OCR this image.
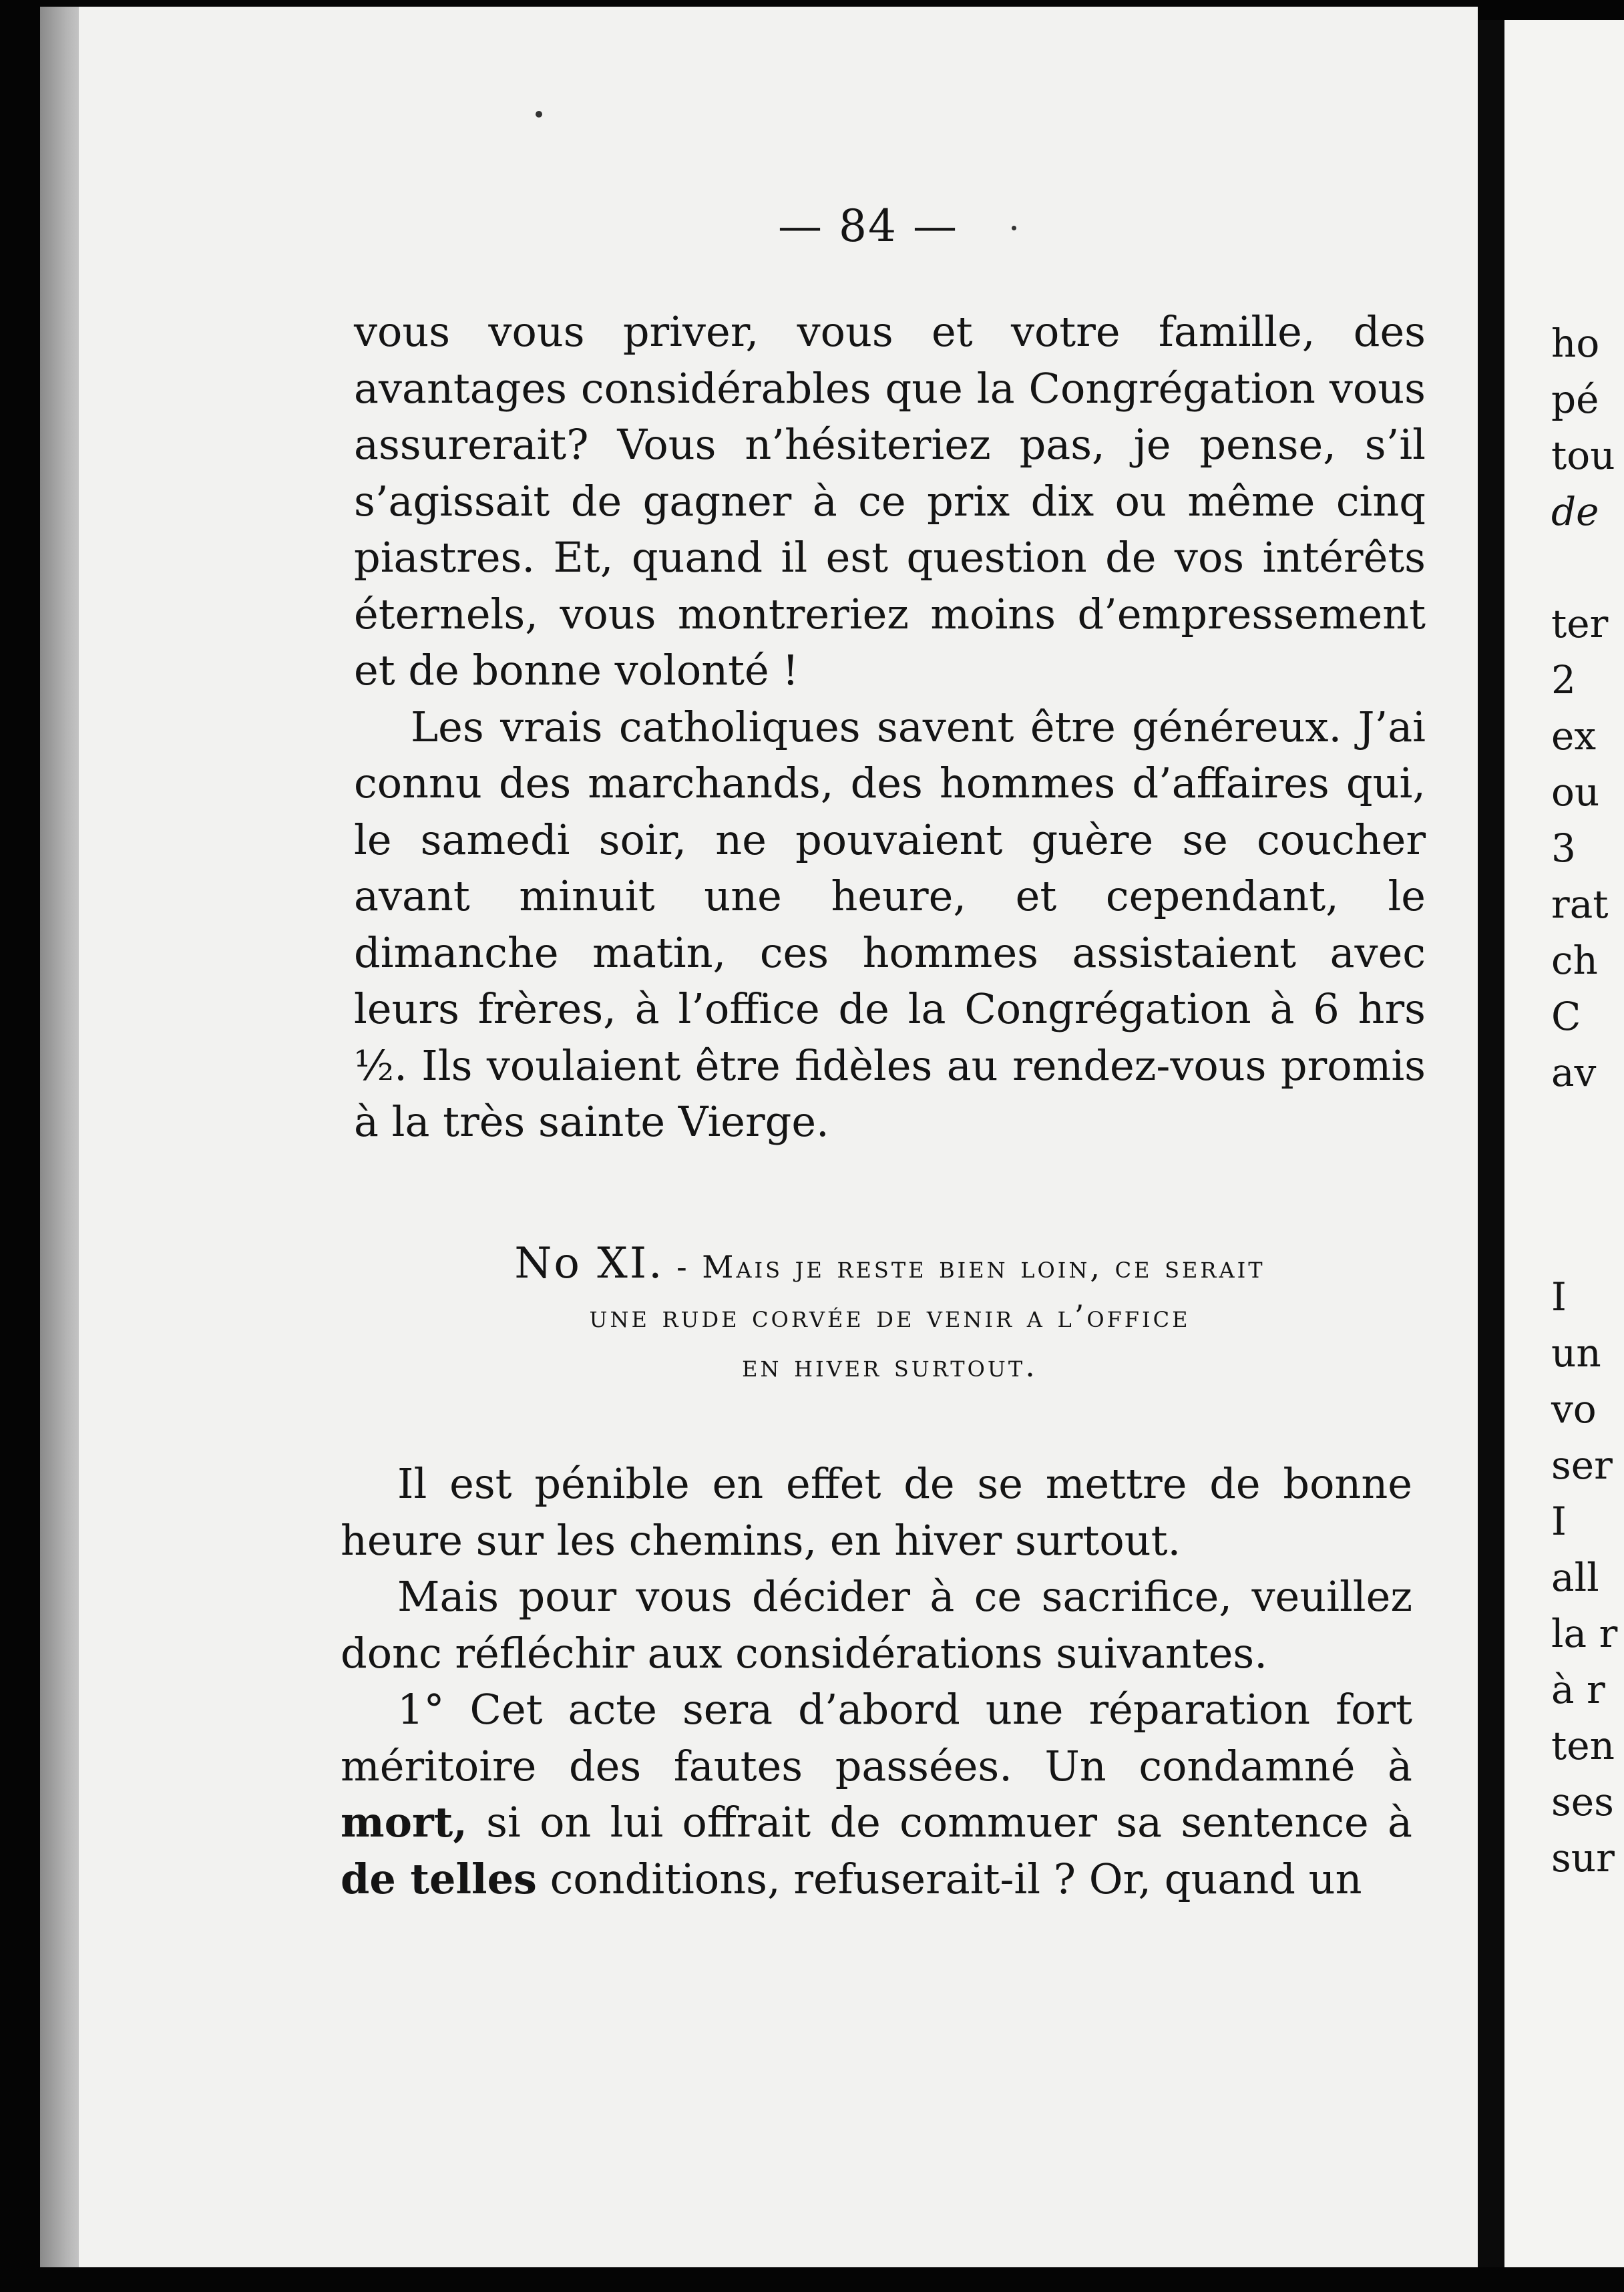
— 84 —

vous vous priver, vous et votre famille, des avantages considérables que la Congrégation vous assurerait? Vous n’hésiteriez pas, je pense, s’il s’agissait de gagner à ce prix dix ou même cinq piastres. Et, quand il est question de vos intérêts éternels, vous montreriez moins d’empressement et de bonne volonté !

Les vrais catholiques savent être généreux. J’ai connu des marchands, des hommes d’affaires qui, le samedi soir, ne pouvaient guère se coucher avant minuit une heure, et cependant, le dimanche matin, ces hommes assistaient avec leurs frères, à l’office de la Congrégation à 6 hrs ½. Ils voulaient être fidèles au rendez-vous promis à la très sainte Vierge.

No XI. - Mais je reste bien loin, ce serait
une rude corvée de venir a l’office
en hiver surtout.

Il est pénible en effet de se mettre de bonne heure sur les chemins, en hiver surtout.

Mais pour vous décider à ce sacrifice, veuillez donc réfléchir aux considérations suivantes.

1° Cet acte sera d’abord une réparation fort méritoire des fautes passées. Un condamné à mort, si on lui offrait de commuer sa sentence à de telles conditions, refuserait-il ? Or, quand un

ho
pé
tou
de
ter
2
ex
ou
3
rat
ch
C
av
I
un
vo
ser
I
all
la r
à r
ten
ses
sur
